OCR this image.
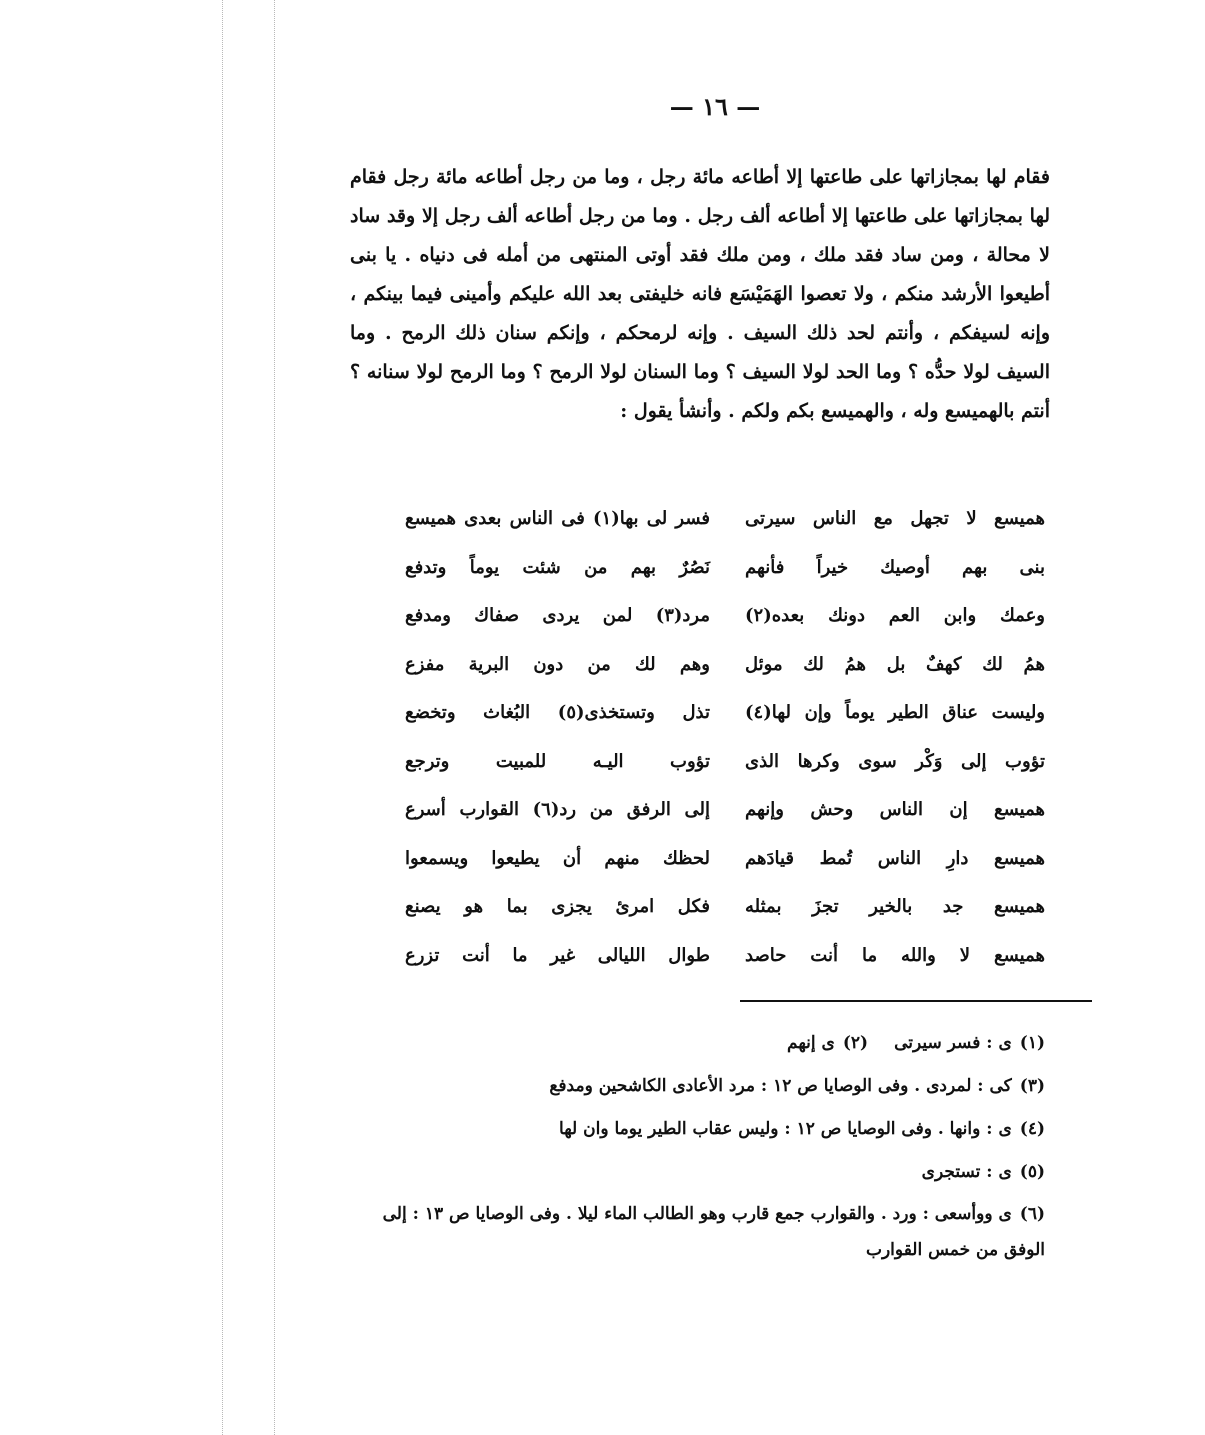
— ١٦ —

فقام لها بمجازاتها على طاعتها إلا أطاعه مائة رجل ، وما من رجل أطاعه مائة رجل فقام لها بمجازاتها على طاعتها إلا أطاعه ألف رجل . وما من رجل أطاعه ألف رجل إلا وقد ساد لا محالة ، ومن ساد فقد ملك ، ومن ملك فقد أوتى المنتهى من أمله فى دنياه . يا بنى أطيعوا الأرشد منكم ، ولا تعصوا الهَمَيْسَع فانه خليفتى بعد الله عليكم وأمينى فيما بينكم ، وإنه لسيفكم ، وأنتم لحد ذلك السيف . وإنه لرمحكم ، وإنكم سنان ذلك الرمح . وما السيف لولا حدُّه ؟ وما الحد لولا السيف ؟ وما السنان لولا الرمح ؟ وما الرمح لولا سنانه ؟ أنتم بالهميسع وله ، والهميسع بكم ولكم . وأنشأ يقول :

هميسع لا تجهل مع الناس سيرتى
فسر لى بها(١) فى الناس بعدى هميسع
بنى بهم أوصيك خيراً فأنهم
نَصُرٌ بهم من شئت يوماً وتدفع
وعمك وابن العم دونك بعده(٢)
مرد(٣) لمن يردى صفاك ومدفع
همُ لك كهفٌ بل همُ لك موئل
وهم لك من دون البرية مفزع
وليست عناق الطير يوماً وإن لها(٤)
تذل وتستخذى(٥) البُغاث وتخضع
تؤوب إلى وَكْر سوى وكرها الذى
تؤوب اليـه للمبيت وترجع
هميسع إن الناس وحش وإنهم
إلى الرفق من رد(٦) القوارب أسرع
هميسع دارِ الناس تُمط قيادَهم
لحظك منهم أن يطيعوا ويسمعوا
هميسع جد بالخير تجزَ بمثله
فكل امرئ يجزى بما هو يصنع
هميسع لا والله ما أنت حاصد
طوال الليالى غير ما أنت تزرع
(١)ى : فسر سيرتى(٢)ى إنهم
(٣)كى : لمردى . وفى الوصايا ص ١٢ : مرد الأعادى الكاشحين ومدفع
(٤)ى : وانها . وفى الوصايا ص ١٢ : وليس عقاب الطير يوما وان لها
(٥)ى : تستجرى
(٦)ى ووأسعى : ورد . والقوارب جمع قارب وهو الطالب الماء ليلا . وفى الوصايا ص ١٣ : إلى الوفق من خمس القوارب
